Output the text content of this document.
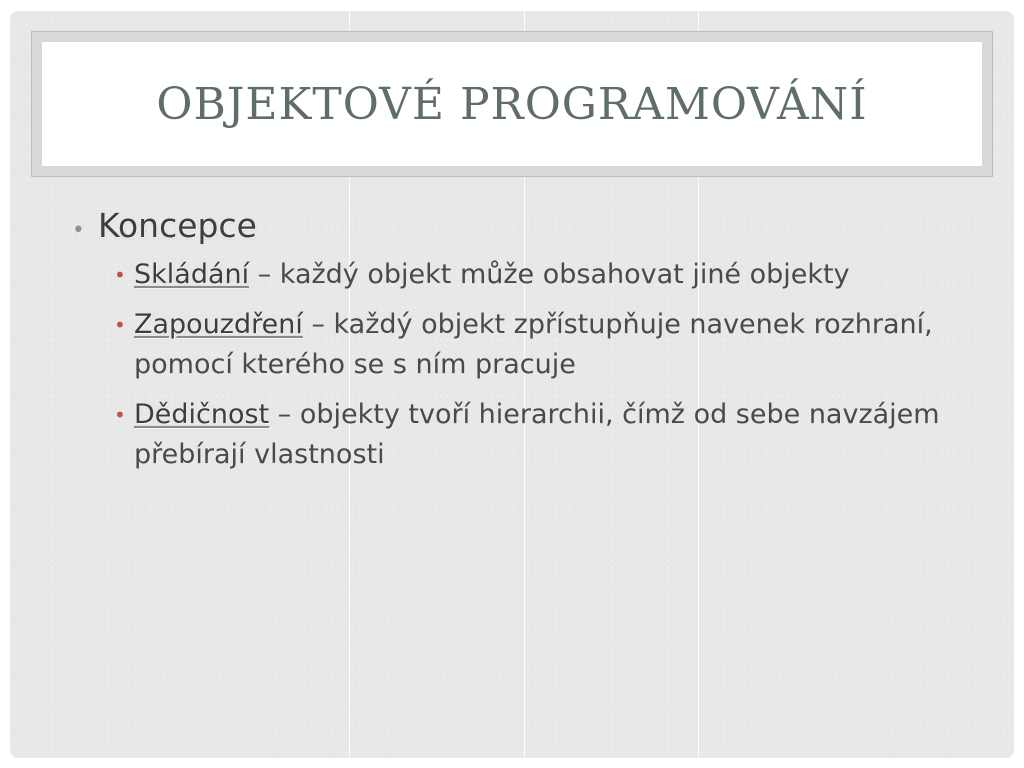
OBJEKTOVÉ PROGRAMOVÁNÍ
• Koncepce
• Skládání – každý objekt může obsahovat jiné objekty
• Zapouzdření – každý objekt zpřístupňuje navenek rozhraní, pomocí kterého se s ním pracuje
• Dědičnost – objekty tvoří hierarchii, čímž od sebe navzájem přebírají vlastnosti
